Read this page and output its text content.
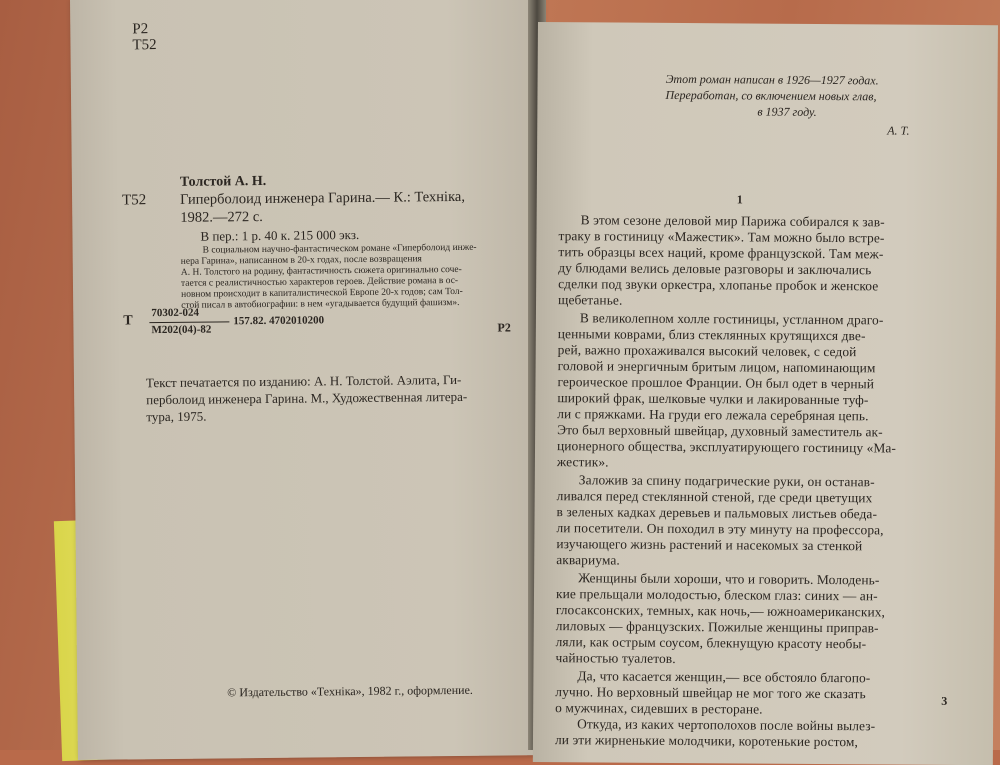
Р2
Т52
Толстой А. Н.
Т52 Гиперболоид инженера Гарина.— К.: Техніка,
1982.—272 с.
В пер.: 1 р. 40 к. 215 000 экз.
В социальном научно-фантастическом романе «Гиперболоид инже-
нера Гарина», написанном в 20-х годах, после возвращения
А. Н. Толстого на родину, фантастичность сюжета оригинально соче-
тается с реалистичностью характеров героев. Действие романа в ос-
новном происходит в капиталистической Европе 20-х годов; сам Тол-
стой писал в автобиографии: в нем «угадывается будущий фашизм».
Т
70302-024
М202(04)-82
157.82. 4702010200	Р2
Текст печатается по изданию: А. Н. Толстой. Аэлита, Ги-
перболоид инженера Гарина. М., Художественная литера-
тура, 1975.
© Издательство «Техніка», 1982 г., оформление.
Этот роман написан в 1926—1927 годах.
Переработан, со включением новых глав,
в 1937 году.
А. Т.
1
В этом сезоне деловой мир Парижа собирался к зав-
траку в гостиницу «Мажестик». Там можно было встре-
тить образцы всех наций, кроме французской. Там меж-
ду блюдами велись деловые разговоры и заключались
сделки под звуки оркестра, хлопанье пробок и женское
щебетанье.
В великолепном холле гостиницы, устланном драго-
ценными коврами, близ стеклянных крутящихся две-
рей, важно прохаживался высокий человек, с седой
головой и энергичным бритым лицом, напоминающим
героическое прошлое Франции. Он был одет в черный
широкий фрак, шелковые чулки и лакированные туф-
ли с пряжками. На груди его лежала серебряная цепь.
Это был верховный швейцар, духовный заместитель ак-
ционерного общества, эксплуатирующего гостиницу «Ма-
жестик».
Заложив за спину подагрические руки, он останав-
ливался перед стеклянной стеной, где среди цветущих
в зеленых кадках деревьев и пальмовых листьев обеда-
ли посетители. Он походил в эту минуту на профессора,
изучающего жизнь растений и насекомых за стенкой
аквариума.
Женщины были хороши, что и говорить. Молодень-
кие прельщали молодостью, блеском глаз: синих — ан-
глосаксонских, темных, как ночь,— южноамериканских,
лиловых — французских. Пожилые женщины приправ-
ляли, как острым соусом, блекнущую красоту необы-
чайностью туалетов.
Да, что касается женщин,— все обстояло благопо-
лучно. Но верховный швейцар не мог того же сказать
о мужчинах, сидевших в ресторане.
Откуда, из каких чертополохов после войны вылез-
ли эти жирненькие молодчики, коротенькие ростом,
3
